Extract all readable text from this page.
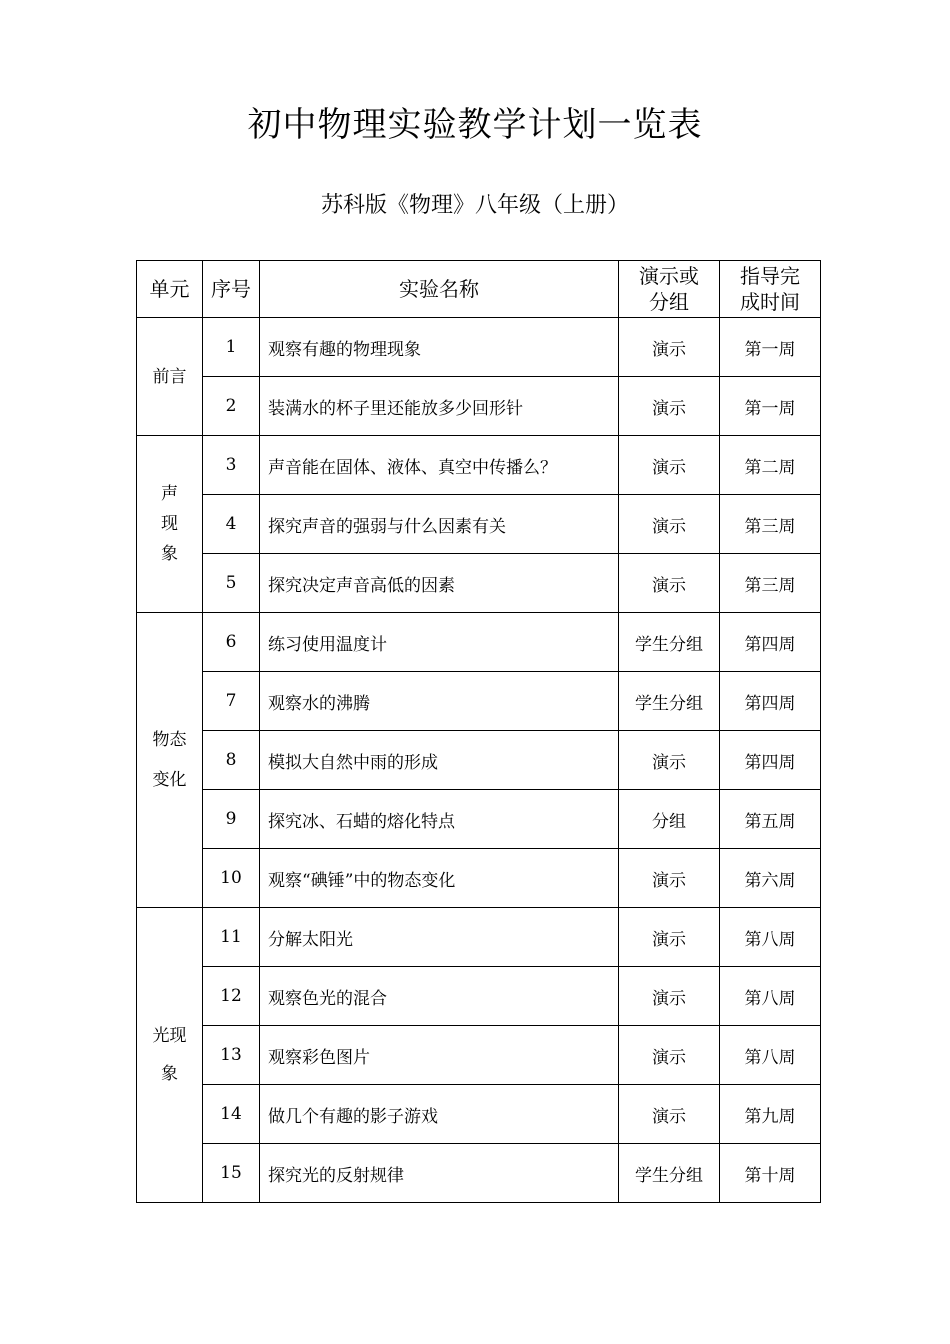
初中物理实验教学计划一览表
苏科版《物理》八年级（上册）
单元	序号	实验名称	演示或分组	指导完成时间
前言	1	观察有趣的物理现象	演示	第一周
	2	装满水的杯子里还能放多少回形针	演示	第一周
声现象	3	声音能在固体、液体、真空中传播么？	演示	第二周
	4	探究声音的强弱与什么因素有关	演示	第三周
	5	探究决定声音高低的因素	演示	第三周
物态变化	6	练习使用温度计	学生分组	第四周
	7	观察水的沸腾	学生分组	第四周
	8	模拟大自然中雨的形成	演示	第四周
	9	探究冰、石蜡的熔化特点	分组	第五周
	10	观察“碘锤”中的物态变化	演示	第六周
光现象	11	分解太阳光	演示	第八周
	12	观察色光的混合	演示	第八周
	13	观察彩色图片	演示	第八周
	14	做几个有趣的影子游戏	演示	第九周
	15	探究光的反射规律	学生分组	第十周
